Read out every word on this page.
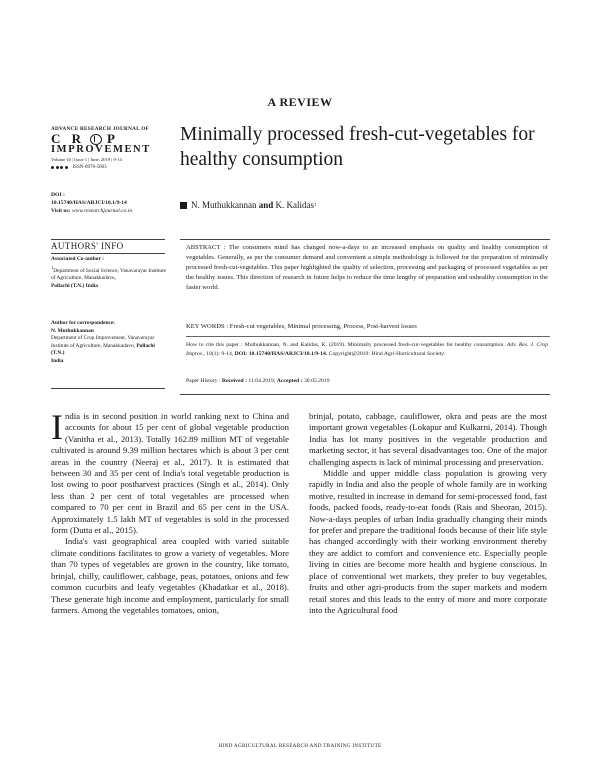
A REVIEW
ADVANCE RESEARCH JOURNAL OF
C R P
IMPROVEMENT
Volume 10 | Issue 1 | June, 2019 | 9-14
ISSN-0976-5603
Minimally processed fresh-cut-vegetables for healthy consumption
DOI :
10.15740/HAS/ARJCI/10.1/9-14
Visit us: www.researchjournal.co.in
N. Muthukkannan
and
K. Kalidas 1
AUTHORS' INFO
Associated Co-author :
$^1$Department of Social Science, Vanavarayar Institute of Agriculture, Manakkadavu,
Pollachi (T.N.) India
Author for correspondence:
N. Muthukkannan
Department of Crop Improvement, Vanavarayar Institute of Agriculture, Manakkadavu, Pollachi (T.N.)
India
ABSTRACT : The consumers mind has changed now-a-days to an increased emphasis on quality and healthy consumption of vegetables. Generally, as per the consumer demand and convenient a simple methodology is followed for the preparation of minimally processed fresh-cut-vegetables. This paper highlighted the quality of selection, processing and packaging of processed vegetables as per the healthy issues. This direction of research in future helps to reduce the time lengthy of preparation and unhealthy consumption in the faster world.
KEY WORDS : Fresh-cut vegetables, Minimal processing, Process, Post-harvest losses
How to cite this paper : Muthukkannan, N. and Kalidas, K. (2019). Minimally processed fresh-cut-vegetables for healthy consumption. Adv. Res. J. Crop Improv., 10(1): 9-14, DOI: 10.15740/HAS/ARJCI/10.1/9-14. Copyright@2019: Hind Agri-Horticultural Society.
Paper History : Received : 11.04.2019; Accepted : 30.05.2019

India is in second position in world ranking next to China and accounts for about 15 per cent of global vegetable production (Vanitha et al., 2013). Totally 162.89 million MT of vegetable cultivated is around 9.39 million hectares which is about 3 per cent areas in the country (Neeraj et al., 2017). It is estimated that between 30 and 35 per cent of India's total vegetable production is lost owing to poor postharvest practices (Singh et al., 2014). Only less than 2 per cent of total vegetables are processed when compared to 70 per cent in Brazil and 65 per cent in the USA. Approximately 1.5 lakh MT of vegetables is sold in the processed form (Dutta et al., 2015).

India's vast geographical area coupled with varied suitable climate conditions facilitates to grow a variety of vegetables. More than 70 types of vegetables are grown in the country, like tomato, brinjal, chilly, cauliflower, cabbage, peas, potatoes, onions and few common cucurbits and leafy vegetables (Khadatkar et al., 2018). These generate high income and employment, particularly for small farmers. Among the vegetables tomatoes, onion,

brinjal, potato, cabbage, cauliflower, okra and peas are the most important grown vegetables (Lokapur and Kulkarni, 2014). Though India has lot many positives in the vegetable production and marketing sector, it has several disadvantages too. One of the major challenging aspects is lack of minimal processing and preservation.

Middle and upper middle class population is growing very rapidly in India and also the people of whole family are in working motive, resulted in increase in demand for semi-processed food, fast foods, packed foods, ready-to-eat foods (Rais and Sheoran, 2015). Now-a-days peoples of urban India gradually changing their minds for prefer and prepare the traditional foods because of their life style has changed accordingly with their working environment thereby they are addict to comfort and convenience etc. Especially people living in cities are become more health and hygiene conscious. In place of conventional wet markets, they prefer to buy vegetables, fruits and other agri-products from the super markets and modern retail stores and this leads to the entry of more and more corporate into the Agricultural food

HIND AGRICULTURAL RESEARCH AND TRAINING INSTITUTE
